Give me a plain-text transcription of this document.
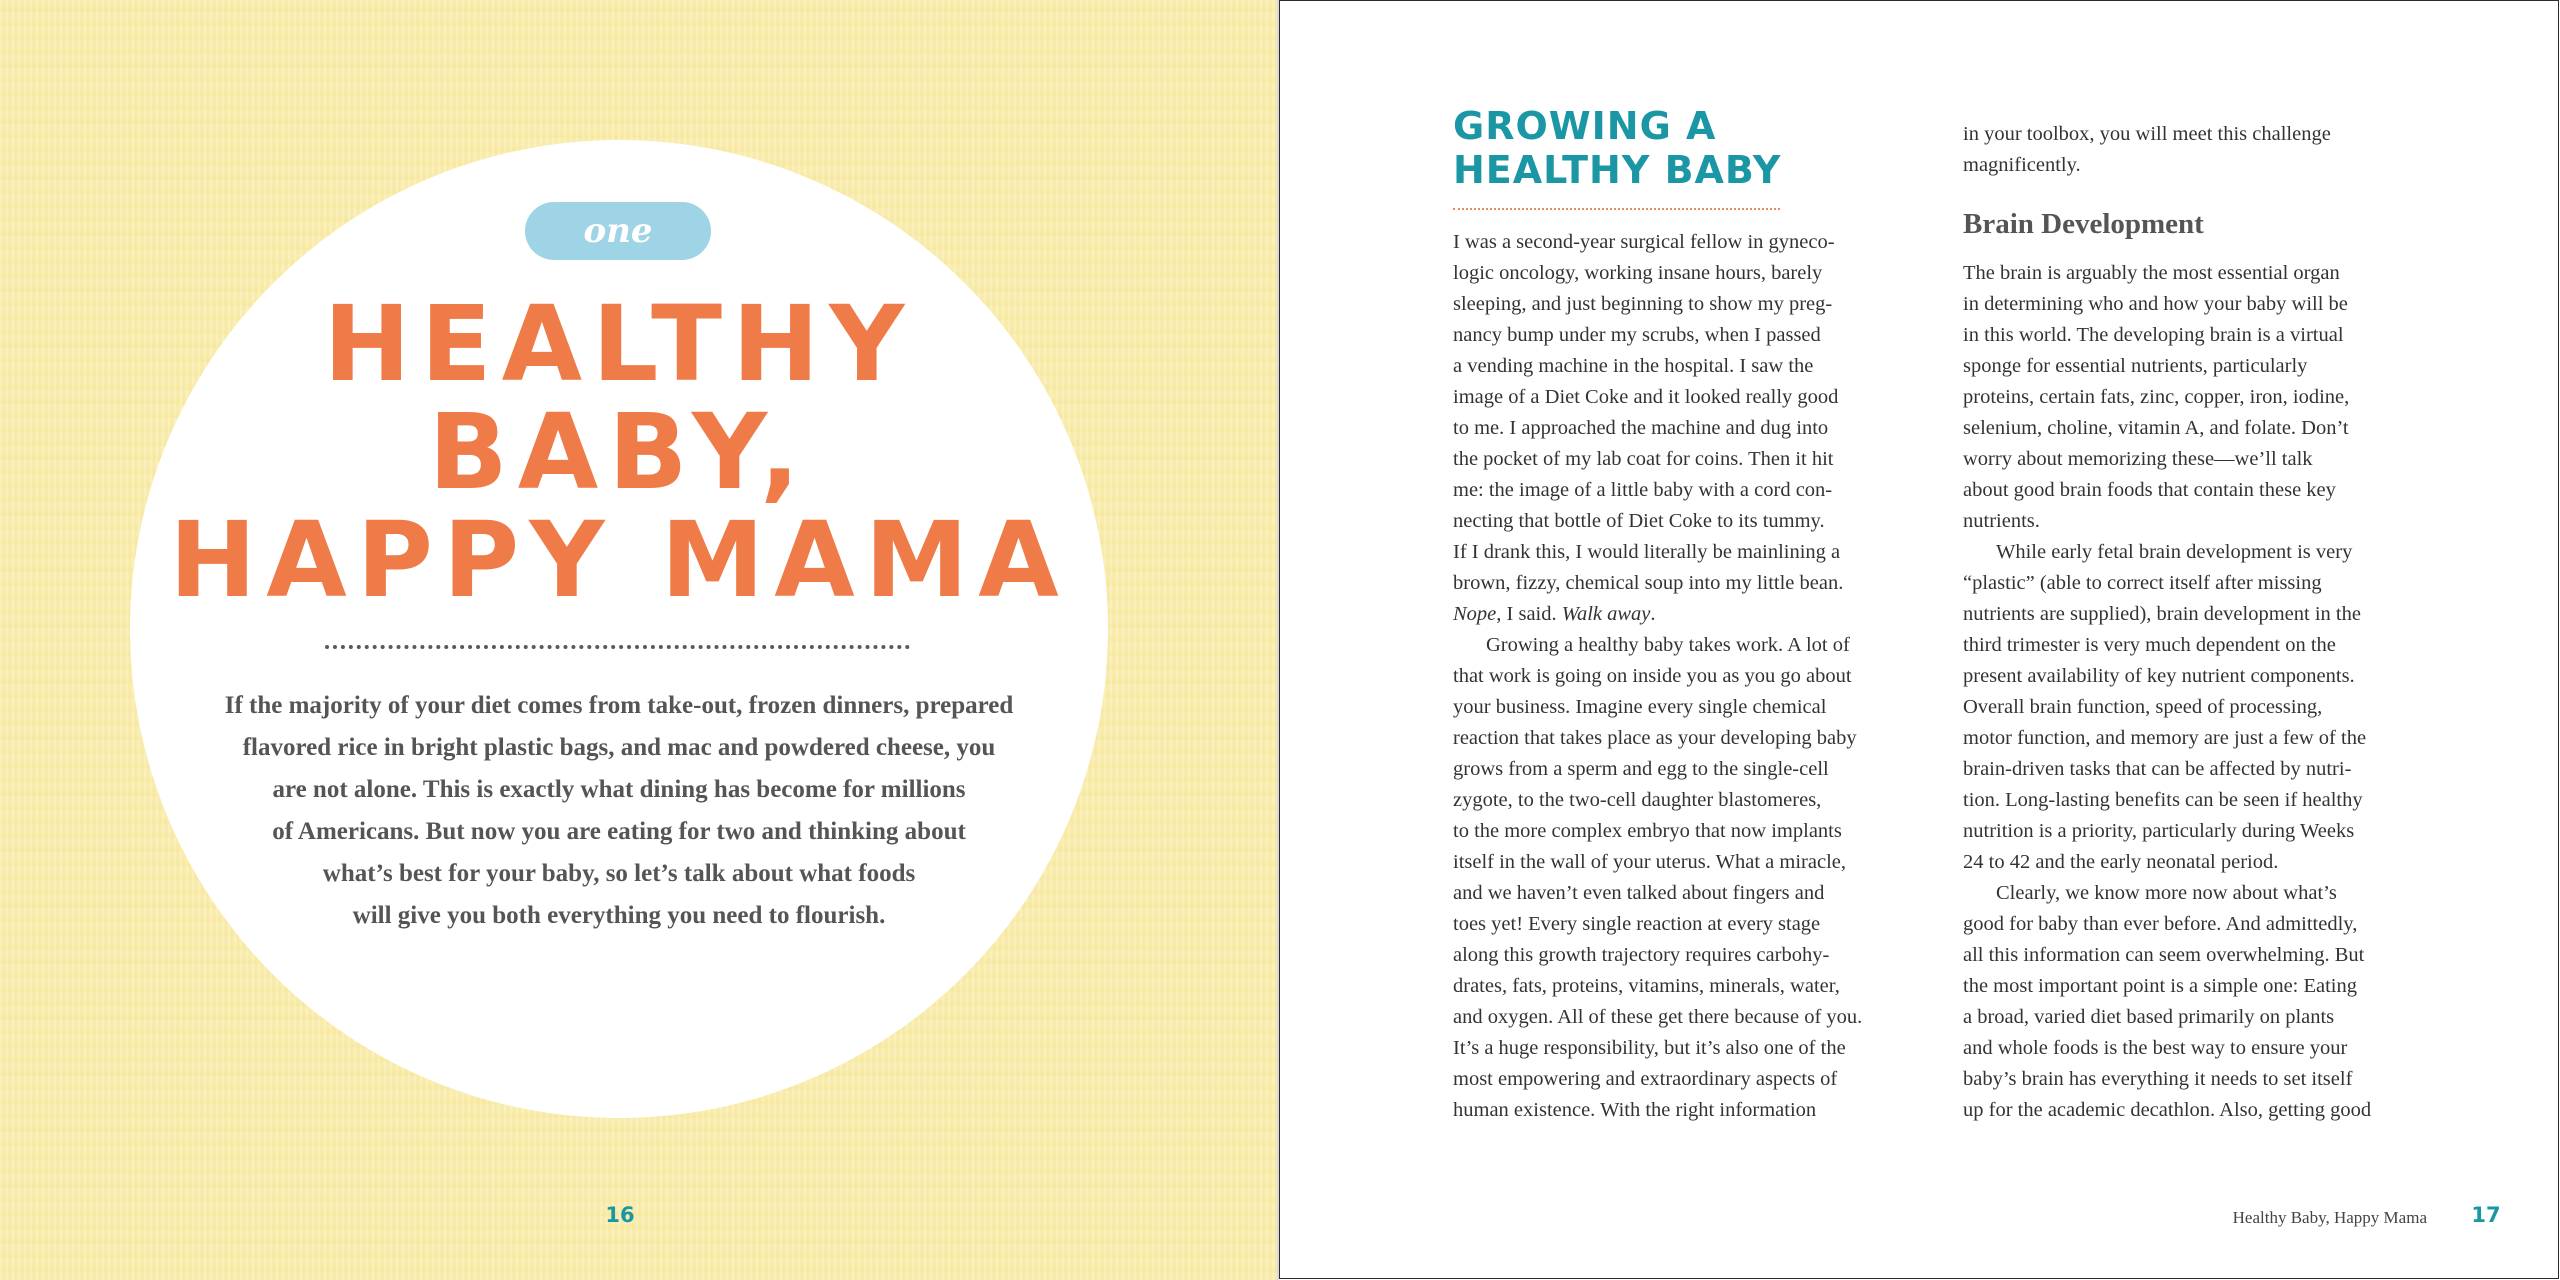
one
HEALTHY
BABY,
HAPPY MAMA
If the majority of your diet comes from take-out, frozen dinners, prepared
flavored rice in bright plastic bags, and mac and powdered cheese, you
are not alone. This is exactly what dining has become for millions
of Americans. But now you are eating for two and thinking about
what’s best for your baby, so let’s talk about what foods
will give you both everything you need to flourish.
16
GROWING A
HEALTHY BABY
I was a second-year surgical fellow in gyneco-
logic oncology, working insane hours, barely
sleeping, and just beginning to show my preg-
nancy bump under my scrubs, when I passed
a vending machine in the hospital. I saw the
image of a Diet Coke and it looked really good
to me. I approached the machine and dug into
the pocket of my lab coat for coins. Then it hit
me: the image of a little baby with a cord con-
necting that bottle of Diet Coke to its tummy.
If I drank this, I would literally be mainlining a
brown, fizzy, chemical soup into my little bean.
Nope, I said. Walk away.
Growing a healthy baby takes work. A lot of
that work is going on inside you as you go about
your business. Imagine every single chemical
reaction that takes place as your developing baby
grows from a sperm and egg to the single-cell
zygote, to the two-cell daughter blastomeres,
to the more complex embryo that now implants
itself in the wall of your uterus. What a miracle,
and we haven’t even talked about fingers and
toes yet! Every single reaction at every stage
along this growth trajectory requires carbohy-
drates, fats, proteins, vitamins, minerals, water,
and oxygen. All of these get there because of you.
It’s a huge responsibility, but it’s also one of the
most empowering and extraordinary aspects of
human existence. With the right information
in your toolbox, you will meet this challenge
magnificently.
Brain Development
The brain is arguably the most essential organ
in determining who and how your baby will be
in this world. The developing brain is a virtual
sponge for essential nutrients, particularly
proteins, certain fats, zinc, copper, iron, iodine,
selenium, choline, vitamin A, and folate. Don’t
worry about memorizing these—we’ll talk
about good brain foods that contain these key
nutrients.
While early fetal brain development is very
“plastic” (able to correct itself after missing
nutrients are supplied), brain development in the
third trimester is very much dependent on the
present availability of key nutrient components.
Overall brain function, speed of processing,
motor function, and memory are just a few of the
brain-driven tasks that can be affected by nutri-
tion. Long-lasting benefits can be seen if healthy
nutrition is a priority, particularly during Weeks
24 to 42 and the early neonatal period.
Clearly, we know more now about what’s
good for baby than ever before. And admittedly,
all this information can seem overwhelming. But
the most important point is a simple one: Eating
a broad, varied diet based primarily on plants
and whole foods is the best way to ensure your
baby’s brain has everything it needs to set itself
up for the academic decathlon. Also, getting good
Healthy Baby, Happy Mama 17
